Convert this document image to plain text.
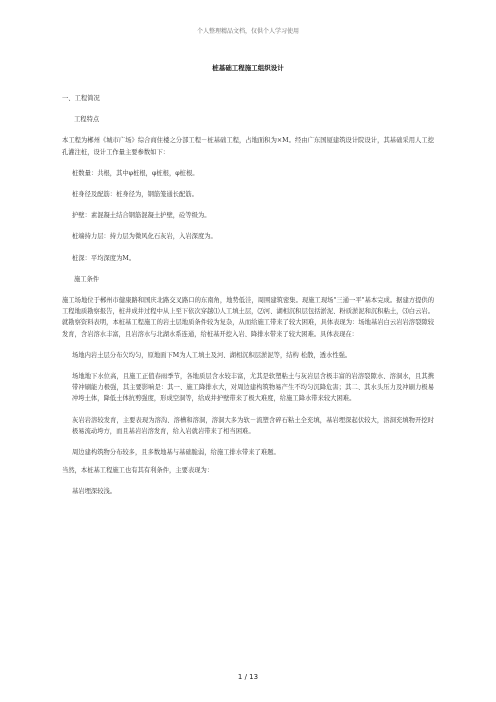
个人整理精品文档，仅供个人学习使用
桩基础工程施工组织设计

一、工程简况

工程特点

本工程为郴州《城市广场》综合商住楼之分部工程－桩基础工程，占地面积为×M。经由广东国厦建筑设计院设计，其基础采用人工挖孔灌注桩，设计工作量主要参数如下：

桩数量：共根，其中φ桩根，φ桩根，φ桩根。

桩身径及配筋：桩身径为，钢筋笼通长配筋。

护壁：素混凝土结合钢筋混凝土护壁，砼等级为。

桩端持力层：持力层为微风化石灰岩，入岩深度为。

桩深：平均深度为M。

施工条件

施工场地位于郴州市健康路和国庆北路交叉路口的东南角，地势低洼，周围建筑密集。现施工现场"三通一平"基本完成。据建方提供的工程地质勘察报告，桩井成井过程中从上至下依次穿越⑴人工填土层，⑵河、湖相沉积层包括淤泥、粉质淤泥和沉积粘土，⑶白云岩。就勘察资料表明，本桩基工程施工的岩土层地质条件较为复杂，从而给施工带来了较大困难，具体表现为：场地基岩白云岩岩溶裂隙较发育，含岩溶水丰富，且岩溶水与北湖水系连通，给桩基开挖入岩、降排水带来了较大困难。具体表现在：

场地内岩土层分布欠均匀，原地面下M为人工填土及河、湖相沉积层淤泥等，结构 松散，透水性强。

场地地下水位高，且施工正值春雨季节，各地质层含水较丰富，尤其是软塑粘土与灰岩层含极丰富的岩溶裂隙水、溶洞水，且其携带冲刷能力极强，其主要影响是：其一、施工降排水大，对周边建构筑物易产生不均匀沉降危害；其二、其水头压力及冲刷力极易冲垮土体，降低土体抗剪强度，形成空洞等，给成井护壁带来了极大难度，给施工降水带来较大困难。

灰岩岩溶较发育，主要表现为溶沟、溶槽和溶洞，溶洞大多为软－流塑含碎石粘土全充填，基岩埋深起伏较大，溶洞充填物开挖时极易流动垮方，而且基岩岩溶发育，给入岩就岩带来了相当困难。

周边建构筑物分布较多，且多数地基与基础脆弱，给施工排水带来了难题。

当然，本桩基工程施工也有其有利条件，主要表现为：

基岩埋深较浅。

1 / 13
